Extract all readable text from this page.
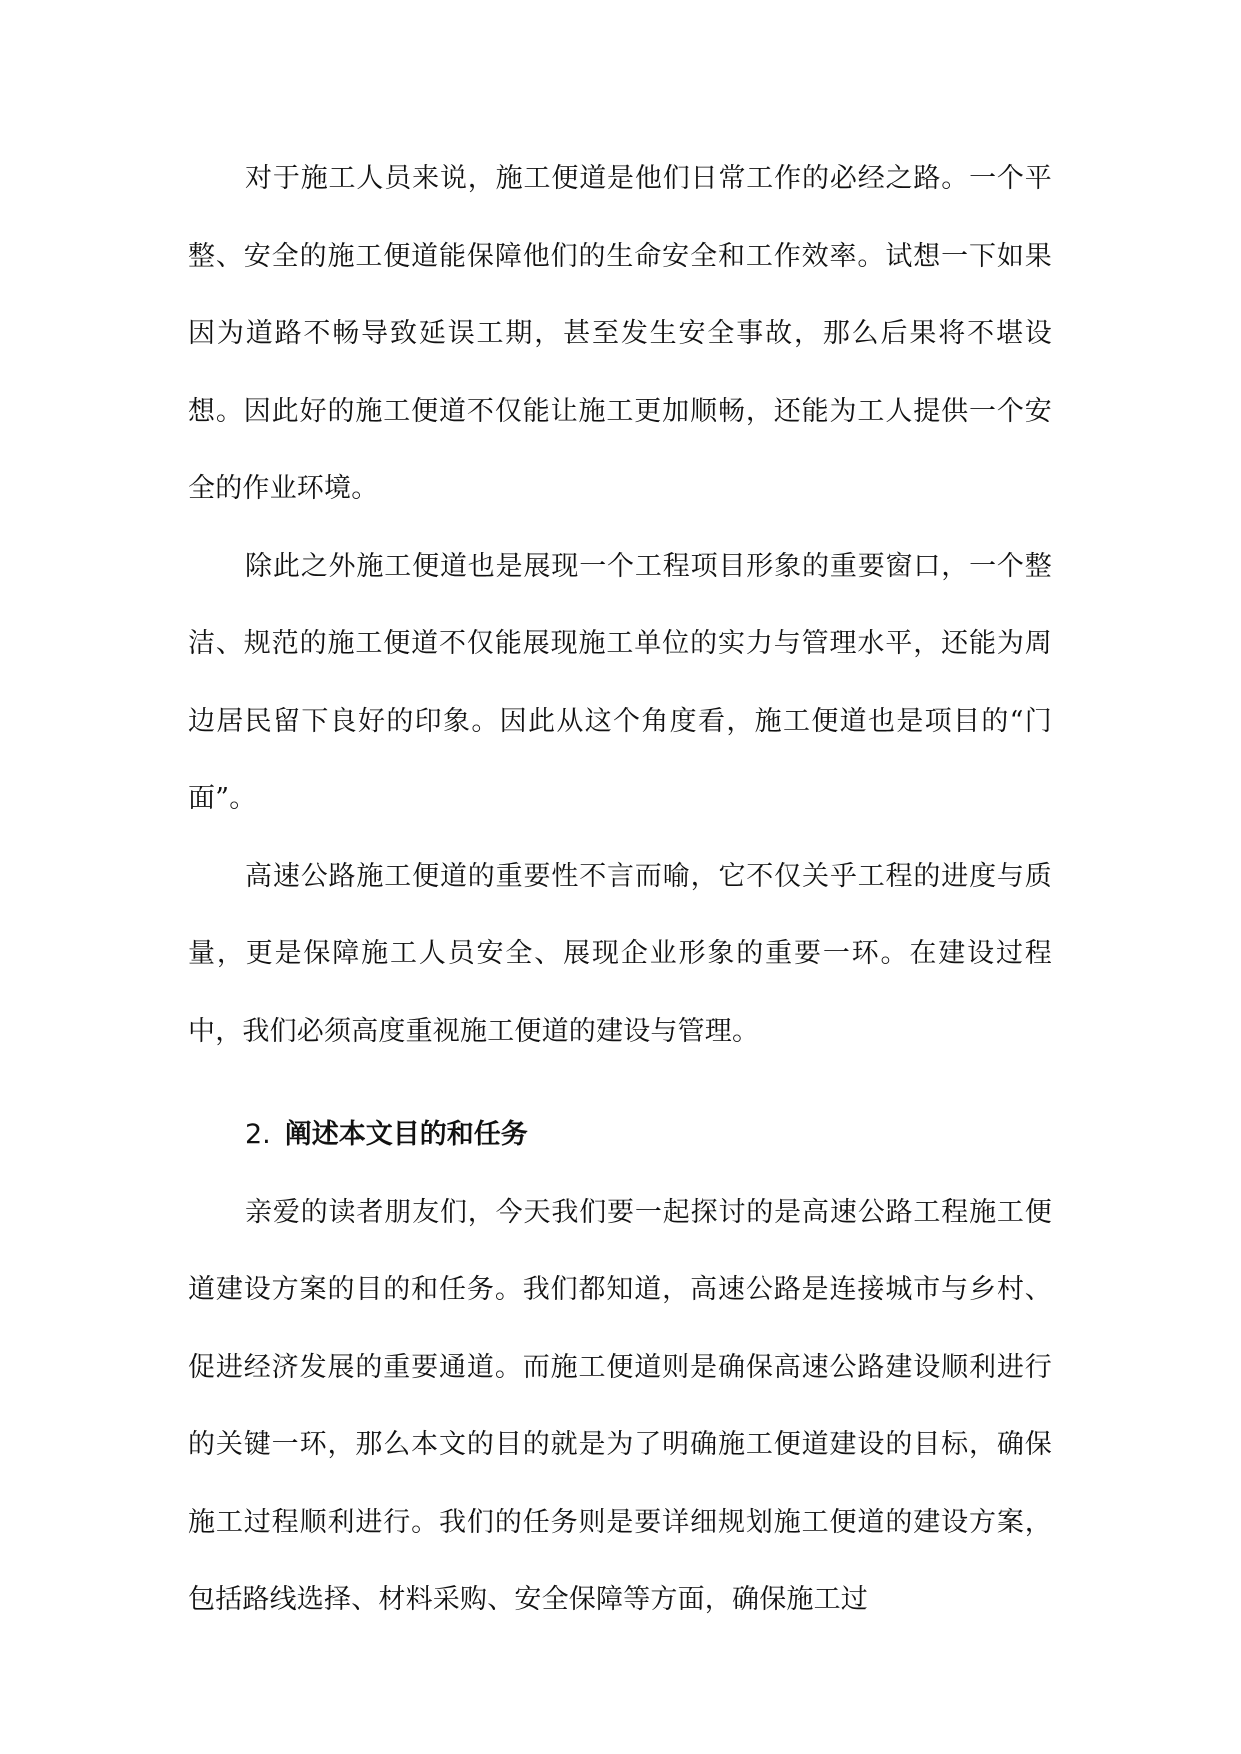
对于施工人员来说，施工便道是他们日常工作的必经之路。一个平整、安全的施工便道能保障他们的生命安全和工作效率。试想一下如果因为道路不畅导致延误工期，甚至发生安全事故，那么后果将不堪设想。因此好的施工便道不仅能让施工更加顺畅，还能为工人提供一个安全的作业环境。

除此之外施工便道也是展现一个工程项目形象的重要窗口，一个整洁、规范的施工便道不仅能展现施工单位的实力与管理水平，还能为周边居民留下良好的印象。因此从这个角度看，施工便道也是项目的“门面”。

高速公路施工便道的重要性不言而喻，它不仅关乎工程的进度与质量，更是保障施工人员安全、展现企业形象的重要一环。在建设过程中，我们必须高度重视施工便道的建设与管理。

2. 阐述本文目的和任务

亲爱的读者朋友们，今天我们要一起探讨的是高速公路工程施工便道建设方案的目的和任务。我们都知道，高速公路是连接城市与乡村、促进经济发展的重要通道。而施工便道则是确保高速公路建设顺利进行的关键一环，那么本文的目的就是为了明确施工便道建设的目标，确保施工过程顺利进行。我们的任务则是要详细规划施工便道的建设方案，包括路线选择、材料采购、安全保障等方面，确保施工过
